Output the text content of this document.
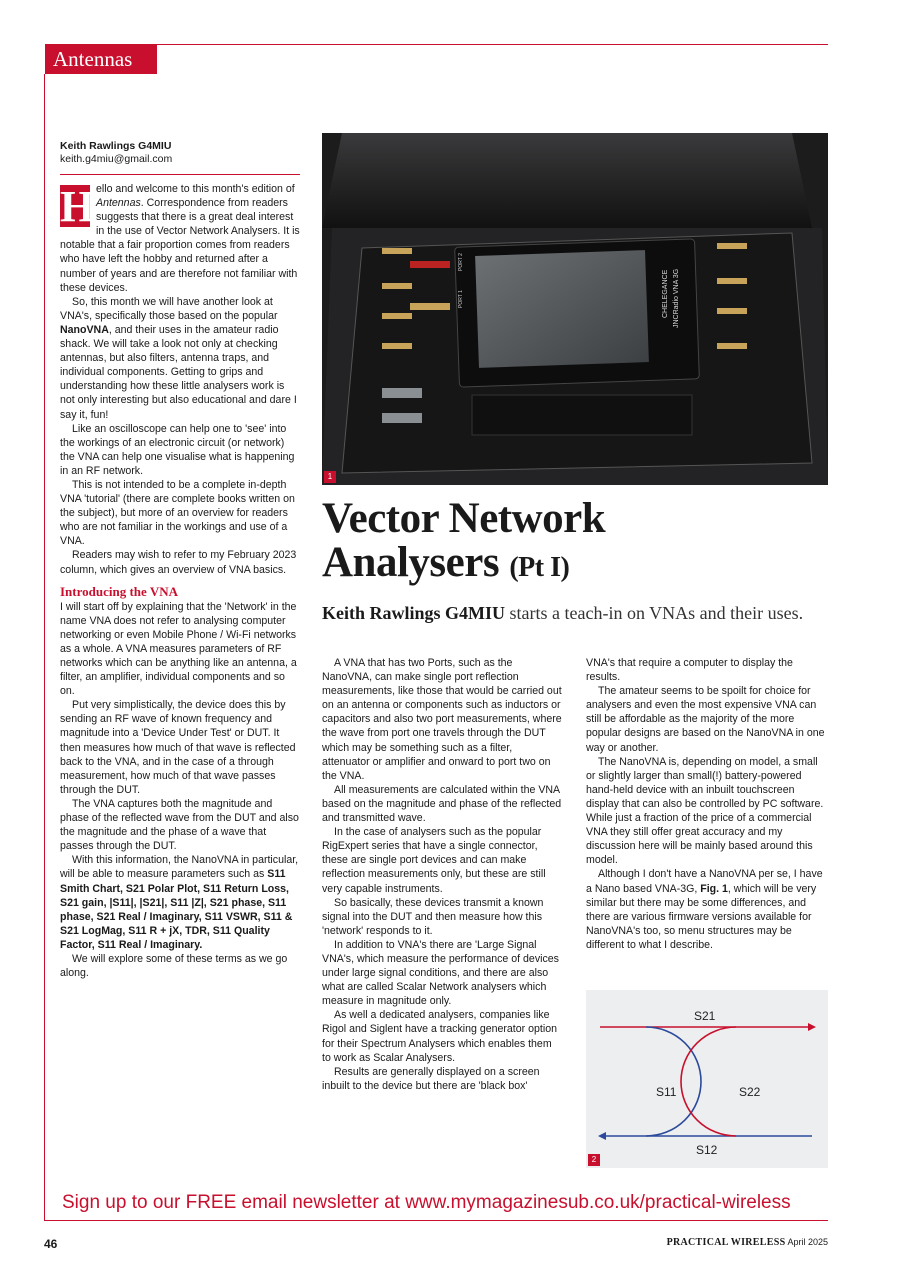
Antennas
Keith Rawlings G4MIU
keith.g4miu@gmail.com

H ello and welcome to this month's edition of Antennas. Correspondence from readers suggests that there is a great deal interest in the use of Vector Network Analysers. It is notable that a fair proportion comes from readers who have left the hobby and returned after a number of years and are therefore not familiar with these devices.

So, this month we will have another look at VNA's, specifically those based on the popular NanoVNA, and their uses in the amateur radio shack. We will take a look not only at checking antennas, but also filters, antenna traps, and individual components. Getting to grips and understanding how these little analysers work is not only interesting but also educational and dare I say it, fun!

Like an oscilloscope can help one to 'see' into the workings of an electronic circuit (or network) the VNA can help one visualise what is happening in an RF network.

This is not intended to be a complete in-depth VNA 'tutorial' (there are complete books written on the subject), but more of an overview for readers who are not familiar in the workings and use of a VNA.

Readers may wish to refer to my February 2023 column, which gives an overview of VNA basics.

Introducing the VNA

I will start off by explaining that the 'Network' in the name VNA does not refer to analysing computer networking or even Mobile Phone / Wi-Fi networks as a whole. A VNA measures parameters of RF networks which can be anything like an antenna, a filter, an amplifier, individual components and so on.

Put very simplistically, the device does this by sending an RF wave of known frequency and magnitude into a 'Device Under Test' or DUT. It then measures how much of that wave is reflected back to the VNA, and in the case of a through measurement, how much of that wave passes through the DUT.

The VNA captures both the magnitude and phase of the reflected wave from the DUT and also the magnitude and the phase of a wave that passes through the DUT.

With this information, the NanoVNA in particular, will be able to measure parameters such as S11 Smith Chart, S21 Polar Plot, S11 Return Loss, S21 gain, |S11|, |S21|, S11 |Z|, S21 phase, S11 phase, S21 Real / Imaginary, S11 VSWR, S11 & S21 LogMag, S11 R + jX, TDR, S11 Quality Factor, S11 Real / Imaginary.

We will explore some of these terms as we go along.

CHELEGANCE JNCRadio VNA 3G
PORT 1
PORT 2
1
Vector Network
Analysers (Pt I)
Keith Rawlings G4MIU starts a teach-in on VNAs and their uses.

A VNA that has two Ports, such as the NanoVNA, can make single port reflection measurements, like those that would be carried out on an antenna or components such as inductors or capacitors and also two port measurements, where the wave from port one travels through the DUT which may be something such as a filter, attenuator or amplifier and onward to port two on the VNA.

All measurements are calculated within the VNA based on the magnitude and phase of the reflected and transmitted wave.

In the case of analysers such as the popular RigExpert series that have a single connector, these are single port devices and can make reflection measurements only, but these are still very capable instruments.

So basically, these devices transmit a known signal into the DUT and then measure how this 'network' responds to it.

In addition to VNA's there are 'Large Signal VNA's, which measure the performance of devices under large signal conditions, and there are also what are called Scalar Network analysers which measure in magnitude only.

As well a dedicated analysers, companies like Rigol and Siglent have a tracking generator option for their Spectrum Analysers which enables them to work as Scalar Analysers.

Results are generally displayed on a screen inbuilt to the device but there are 'black box'

VNA's that require a computer to display the results.

The amateur seems to be spoilt for choice for analysers and even the most expensive VNA can still be affordable as the majority of the more popular designs are based on the NanoVNA in one way or another.

The NanoVNA is, depending on model, a small or slightly larger than small(!) battery-powered hand-held device with an inbuilt touchscreen display that can also be controlled by PC software. While just a fraction of the price of a commercial VNA they still offer great accuracy and my discussion here will be mainly based around this model.

Although I don't have a NanoVNA per se, I have a Nano based VNA-3G, Fig. 1, which will be very similar but there may be some differences, and there are various firmware versions available for NanoVNA's too, so menu structures may be different to what I describe.

S21
S11	S22
S12
2
Sign up to our FREE email newsletter at www.mymagazinesub.co.uk/practical-wireless
46	PRACTICAL WIRELESS April 2025
